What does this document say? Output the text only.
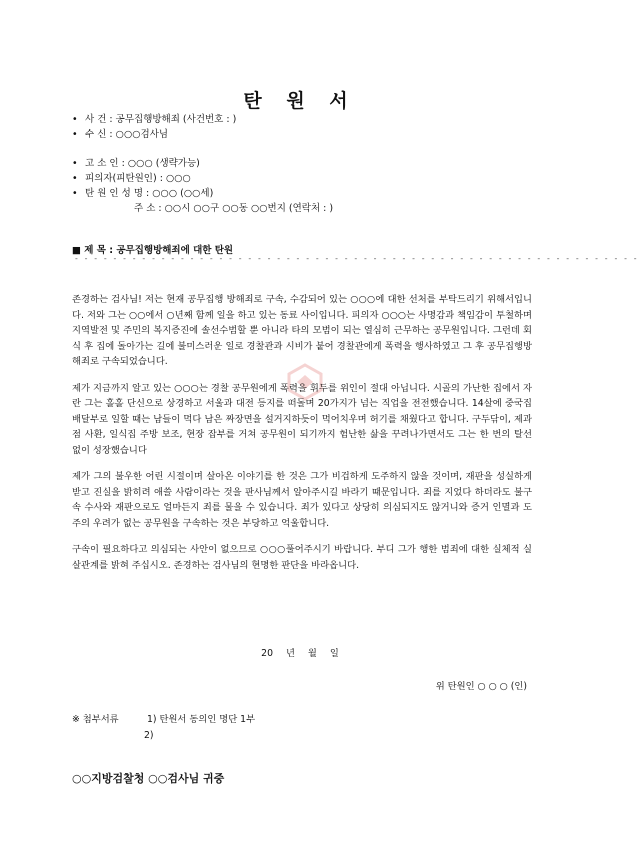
탄 원 서
• 사 건 : 공무집행방해죄 (사건번호 : )
• 수 신 : ○○○검사님
• 고 소 인 : ○○○ (생략가능)
• 피의자(피탄원인) : ○○○
• 탄 원 인 성 명 : ○○○ (○○세)
주 소 : ○○시 ○○구 ○○동 ○○번지 (연락처 : )
■ 제 목 : 공무집행방해죄에 대한 탄원
- - - - - - - - - - - - - - - - - - - - - - - - - - - - - - - - - - - - - - - - - - - - - - - - - - - - - - - - - - -

존경하는 검사님! 저는 현재 공무집행 방해죄로 구속, 수감되어 있는 ○○○에 대한 선처를 부탁드리기 위해서입니다. 저와 그는 ○○에서 ○년째 함께 일을 하고 있는 동료 사이입니다. 피의자 ○○○는 사명감과 책임감이 투철하며 지역발전 및 주민의 복지증진에 솔선수범할 뿐 아니라 타의 모범이 되는 열심히 근무하는 공무원입니다. 그런데 회식 후 집에 돌아가는 길에 불미스러운 일로 경찰관과 시비가 붙어 경찰관에게 폭력을 행사하였고 그 후 공무집행방해죄로 구속되었습니다.

제가 지금까지 알고 있는 ○○○는 경찰 공무원에게 폭력을 휘두를 위인이 절대 아닙니다. 시골의 가난한 집에서 자란 그는 홀홀 단신으로 상경하고 서울과 대전 등지를 떠돌며 20가지가 넘는 직업을 전전했습니다. 14살에 중국집 배달부로 일할 때는 남들이 먹다 남은 짜장면을 설거지하듯이 먹어치우며 허기를 채웠다고 합니다. 구두닦이, 제과점 사환, 일식집 주방 보조, 현장 잡부를 거쳐 공무원이 되기까지 험난한 삶을 꾸려나가면서도 그는 한 번의 탈선 없이 성장했습니다

제가 그의 불우한 어린 시절이며 살아온 이야기를 한 것은 그가 비겁하게 도주하지 않을 것이며, 재판을 성실하게 받고 진실을 밝히려 애쓸 사람이라는 것을 판사님께서 알아주시길 바라기 때문입니다. 죄를 지었다 하더라도 불구속 수사와 재판으로도 얼마든지 죄를 물을 수 있습니다. 죄가 있다고 상당히 의심되지도 않거니와 증거 인멸과 도주의 우려가 없는 공무원을 구속하는 것은 부당하고 억울합니다.

구속이 필요하다고 의심되는 사안이 없으므로 ○○○풀어주시기 바랍니다. 부디 그가 행한 범죄에 대한 실체적 실살관계를 밝혀 주십시오. 존경하는 검사님의 현명한 판단을 바라옵니다.

20 년 월 일
위 탄원인 ○ ○ ○ (인)
※ 첨부서류	1) 탄원서 동의인 명단 1부
2)
○○지방검찰청 ○○검사님 귀중
